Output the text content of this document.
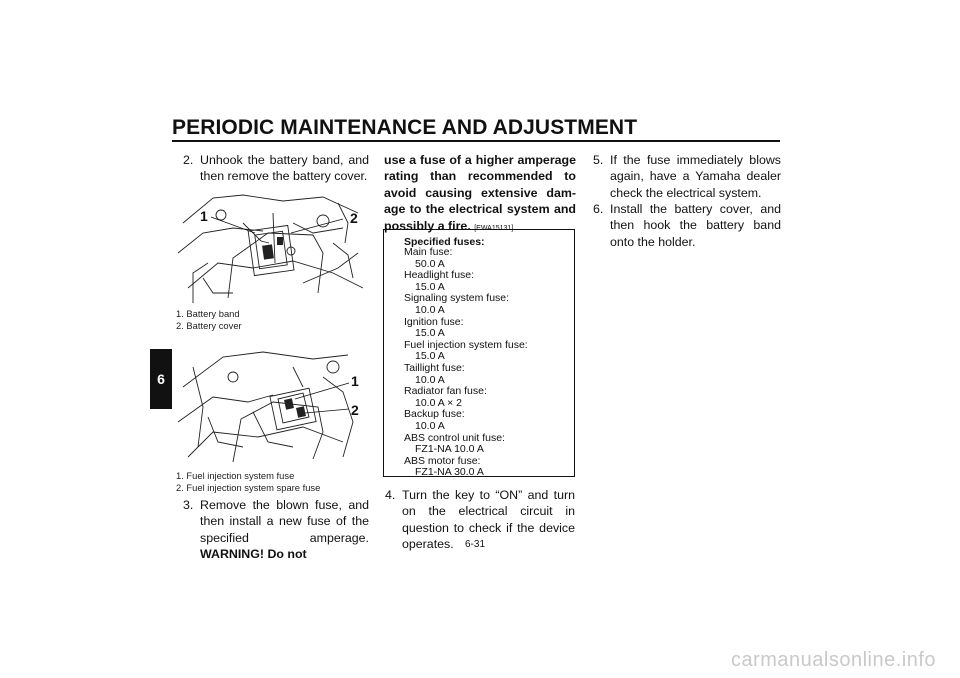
PERIODIC MAINTENANCE AND ADJUSTMENT
6
2. Unhook the battery band, and then remove the battery cover.
1	2
1. Battery band
2. Battery cover
1
2
1. Fuel injection system fuse
2. Fuel injection system spare fuse
3. Remove the blown fuse, and then install a new fuse of the specified amperage. WARNING! Do not
use a fuse of a higher amperage rating than recommended to avoid causing extensive dam-age to the electrical system and possibly a fire. [EWA15131]
Specified fuses:
Main fuse:
50.0 A
Headlight fuse:
15.0 A
Signaling system fuse:
10.0 A
Ignition fuse:
15.0 A
Fuel injection system fuse:
15.0 A
Taillight fuse:
10.0 A
Radiator fan fuse:
10.0 A × 2
Backup fuse:
10.0 A
ABS control unit fuse:
FZ1-NA 10.0 A
ABS motor fuse:
FZ1-NA 30.0 A
4. Turn the key to “ON” and turn on the electrical circuit in question to check if the device operates.
5. If the fuse immediately blows again, have a Yamaha dealer check the electrical system.
6. Install the battery cover, and then hook the battery band onto the holder.
6-31
carmanualsonline.info
